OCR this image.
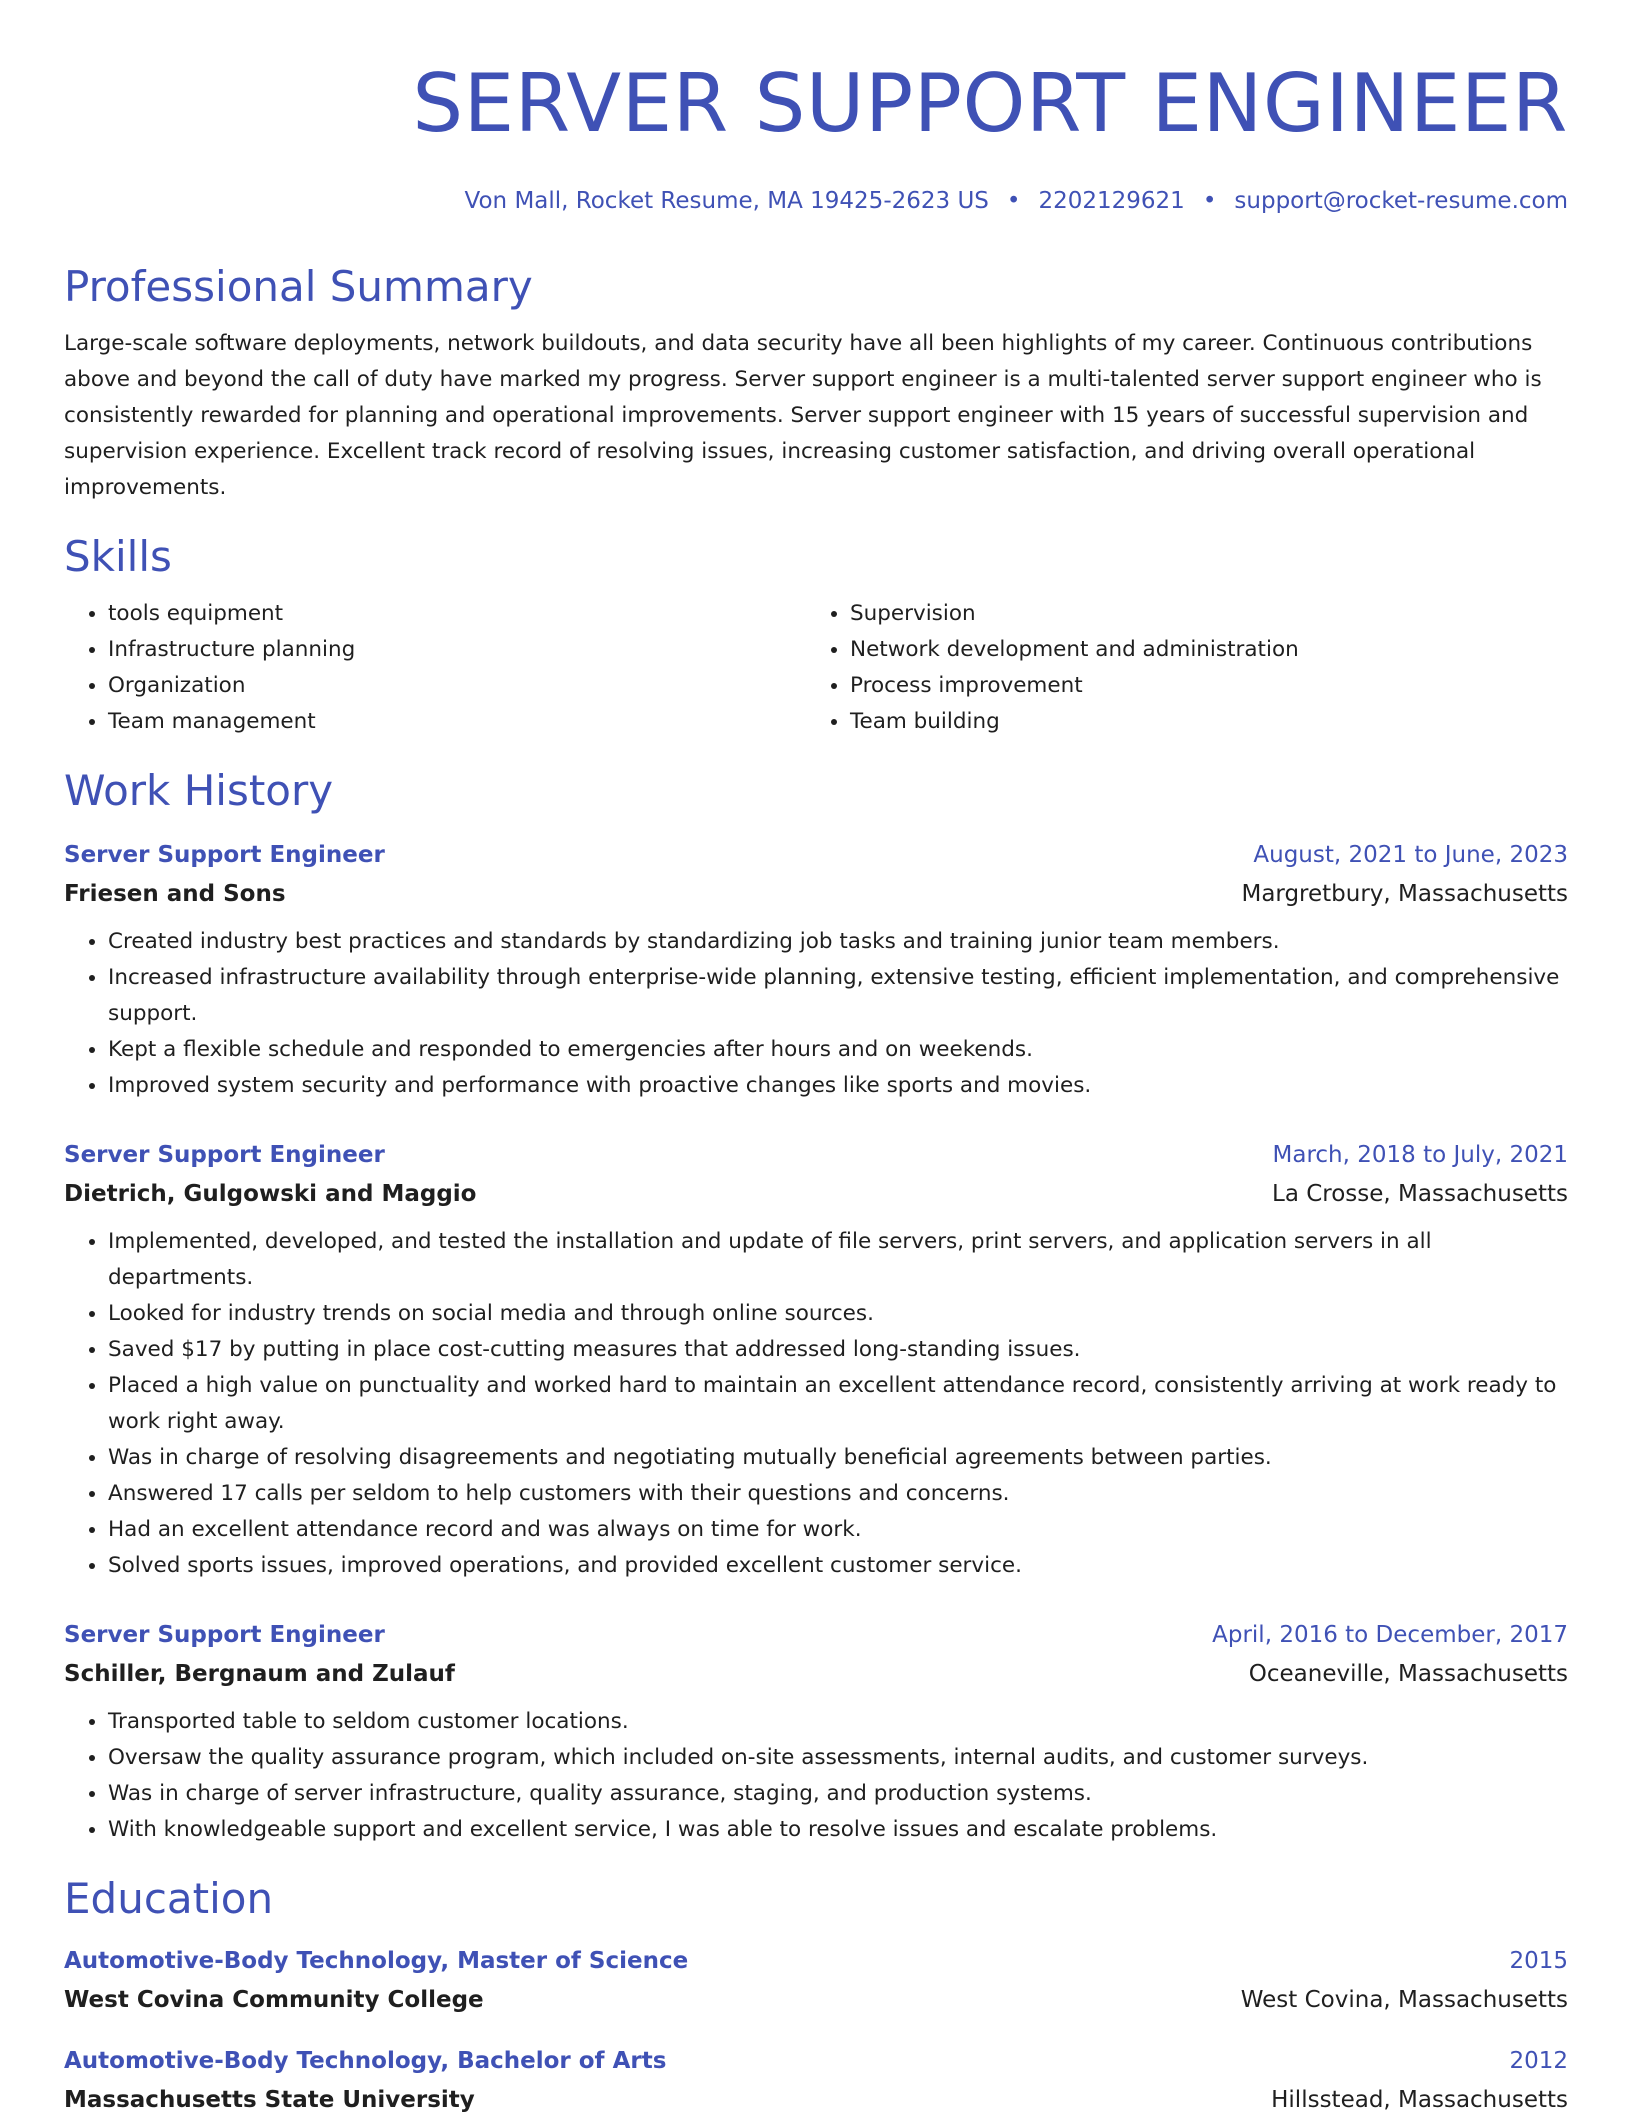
SERVER SUPPORT ENGINEER
Von Mall, Rocket Resume, MA 19425-2623 US • 2202129621 • support@rocket-resume.com
Professional Summary

Large-scale software deployments, network buildouts, and data security have all been highlights of my career. Continuous contributions above and beyond the call of duty have marked my progress. Server support engineer is a multi-talented server support engineer who is consistently rewarded for planning and operational improvements. Server support engineer with 15 years of successful supervision and supervision experience. Excellent track record of resolving issues, increasing customer satisfaction, and driving overall operational improvements.

Skills
• tools equipment
• Infrastructure planning
• Organization
• Team management
• Supervision
• Network development and administration
• Process improvement
• Team building
Work History
Server Support Engineer	August, 2021 to June, 2023
Friesen and Sons	Margretbury, Massachusetts
• Created industry best practices and standards by standardizing job tasks and training junior team members.
• Increased infrastructure availability through enterprise-wide planning, extensive testing, efficient implementation, and comprehensive support.
• Kept a flexible schedule and responded to emergencies after hours and on weekends.
• Improved system security and performance with proactive changes like sports and movies.
Server Support Engineer	March, 2018 to July, 2021
Dietrich, Gulgowski and Maggio	La Crosse, Massachusetts
• Implemented, developed, and tested the installation and update of file servers, print servers, and application servers in all departments.
• Looked for industry trends on social media and through online sources.
• Saved $17 by putting in place cost-cutting measures that addressed long-standing issues.
• Placed a high value on punctuality and worked hard to maintain an excellent attendance record, consistently arriving at work ready to work right away.
• Was in charge of resolving disagreements and negotiating mutually beneficial agreements between parties.
• Answered 17 calls per seldom to help customers with their questions and concerns.
• Had an excellent attendance record and was always on time for work.
• Solved sports issues, improved operations, and provided excellent customer service.
Server Support Engineer	April, 2016 to December, 2017
Schiller, Bergnaum and Zulauf	Oceaneville, Massachusetts
• Transported table to seldom customer locations.
• Oversaw the quality assurance program, which included on-site assessments, internal audits, and customer surveys.
• Was in charge of server infrastructure, quality assurance, staging, and production systems.
• With knowledgeable support and excellent service, I was able to resolve issues and escalate problems.
Education
Automotive-Body Technology, Master of Science	2015
West Covina Community College	West Covina, Massachusetts
Automotive-Body Technology, Bachelor of Arts	2012
Massachusetts State University	Hillsstead, Massachusetts
